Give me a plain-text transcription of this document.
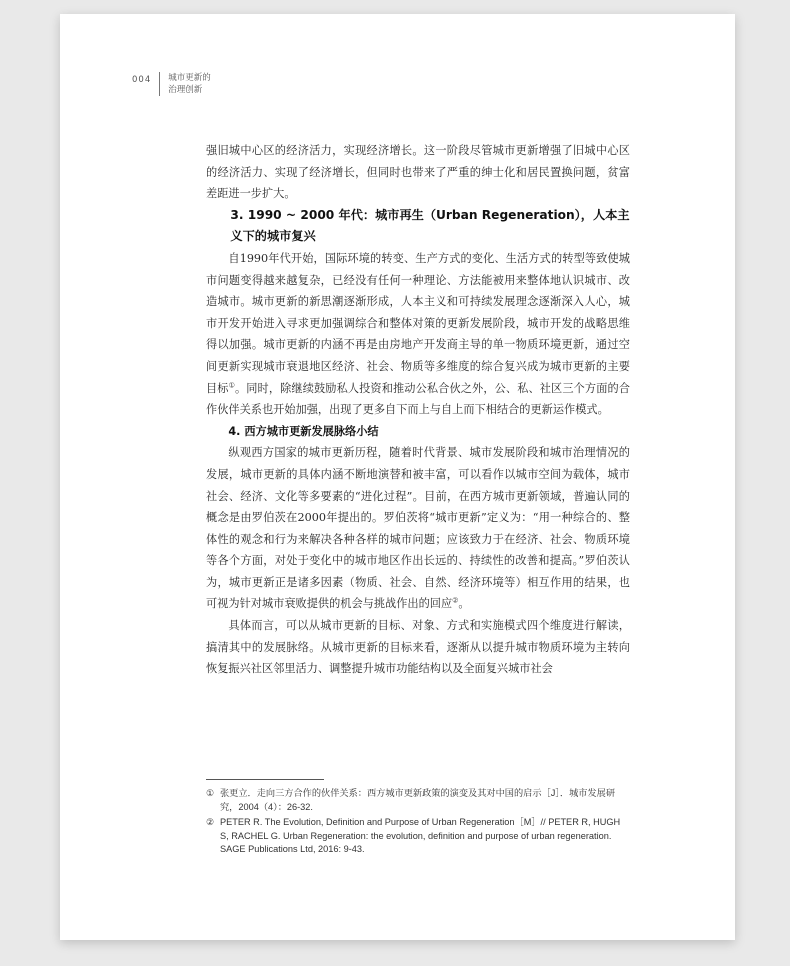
004 城市更新的
治理创新

强旧城中心区的经济活力，实现经济增长。这一阶段尽管城市更新增强了旧城中心区的经济活力、实现了经济增长，但同时也带来了严重的绅士化和居民置换问题，贫富差距进一步扩大。

3. 1990 ~ 2000 年代：城市再生（Urban Regeneration），人本主义下的城市复兴

自1990年代开始，国际环境的转变、生产方式的变化、生活方式的转型等致使城市问题变得越来越复杂，已经没有任何一种理论、方法能被用来整体地认识城市、改造城市。城市更新的新思潮逐渐形成，人本主义和可持续发展理念逐渐深入人心，城市开发开始进入寻求更加强调综合和整体对策的更新发展阶段，城市开发的战略思维得以加强。城市更新的内涵不再是由房地产开发商主导的单一物质环境更新，通过空间更新实现城市衰退地区经济、社会、物质等多维度的综合复兴成为城市更新的主要目标①。同时，除继续鼓励私人投资和推动公私合伙之外，公、私、社区三个方面的合作伙伴关系也开始加强，出现了更多自下而上与自上而下相结合的更新运作模式。

4. 西方城市更新发展脉络小结

纵观西方国家的城市更新历程，随着时代背景、城市发展阶段和城市治理情况的发展，城市更新的具体内涵不断地演替和被丰富，可以看作以城市空间为载体，城市社会、经济、文化等多要素的“进化过程”。目前，在西方城市更新领域，普遍认同的概念是由罗伯茨在2000年提出的。罗伯茨将“城市更新”定义为：“用一种综合的、整体性的观念和行为来解决各种各样的城市问题；应该致力于在经济、社会、物质环境等各个方面，对处于变化中的城市地区作出长远的、持续性的改善和提高。”罗伯茨认为，城市更新正是诸多因素（物质、社会、自然、经济环境等）相互作用的结果，也可视为针对城市衰败提供的机会与挑战作出的回应②。

具体而言，可以从城市更新的目标、对象、方式和实施模式四个维度进行解读，搞清其中的发展脉络。从城市更新的目标来看，逐渐从以提升城市物质环境为主转向恢复振兴社区邻里活力、调整提升城市功能结构以及全面复兴城市社会

① 张更立．走向三方合作的伙伴关系：西方城市更新政策的演变及其对中国的启示［J］．城市发展研究，2004（4）：26-32.
② PETER R. The Evolution, Definition and Purpose of Urban Regeneration［M］// PETER R, HUGH S, RACHEL G. Urban Regeneration: the evolution, definition and purpose of urban regeneration. SAGE Publications Ltd, 2016: 9-43.
